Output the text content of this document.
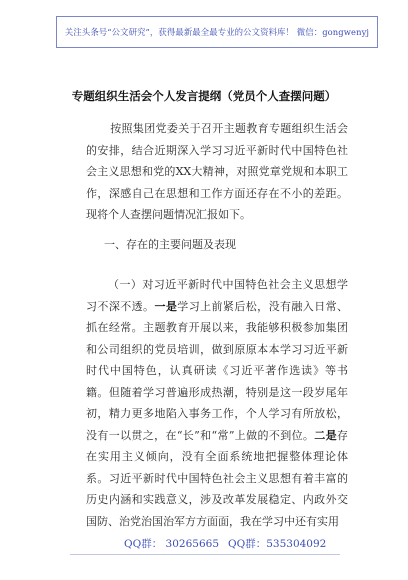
关注头条号“公文研究”，获得最新最全最专业的公文资料库！ 微信：gongwenyj
专题组织生活会个人发言提纲（党员个人查摆问题）

按照集团党委关于召开主题教育专题组织生活会的安排，结合近期深入学习习近平新时代中国特色社会主义思想和党的XX大精神，对照党章党规和本职工作，深感自己在思想和工作方面还存在不小的差距。现将个人查摆问题情况汇报如下。

一、存在的主要问题及表现

（一）对习近平新时代中国特色社会主义思想学习不深不透。一是学习上前紧后松，没有融入日常、抓在经常。主题教育开展以来，我能够积极参加集团和公司组织的党员培训，做到原原本本学习习近平新时代中国特色，认真研读《习近平著作选读》等书籍。但随着学习普遍形成热潮，特别是这一段岁尾年初，精力更多地陷入事务工作，个人学习有所放松，没有一以贯之，在“长”和“常”上做的不到位。二是存在实用主义倾向，没有全面系统地把握整体理论体系。习近平新时代中国特色社会主义思想有着丰富的历史内涵和实践意义，涉及改革发展稳定、内政外交国防、治党治国治军方方面面，我在学习中还有实用

QQ群： 30265665 QQ群：535304092
